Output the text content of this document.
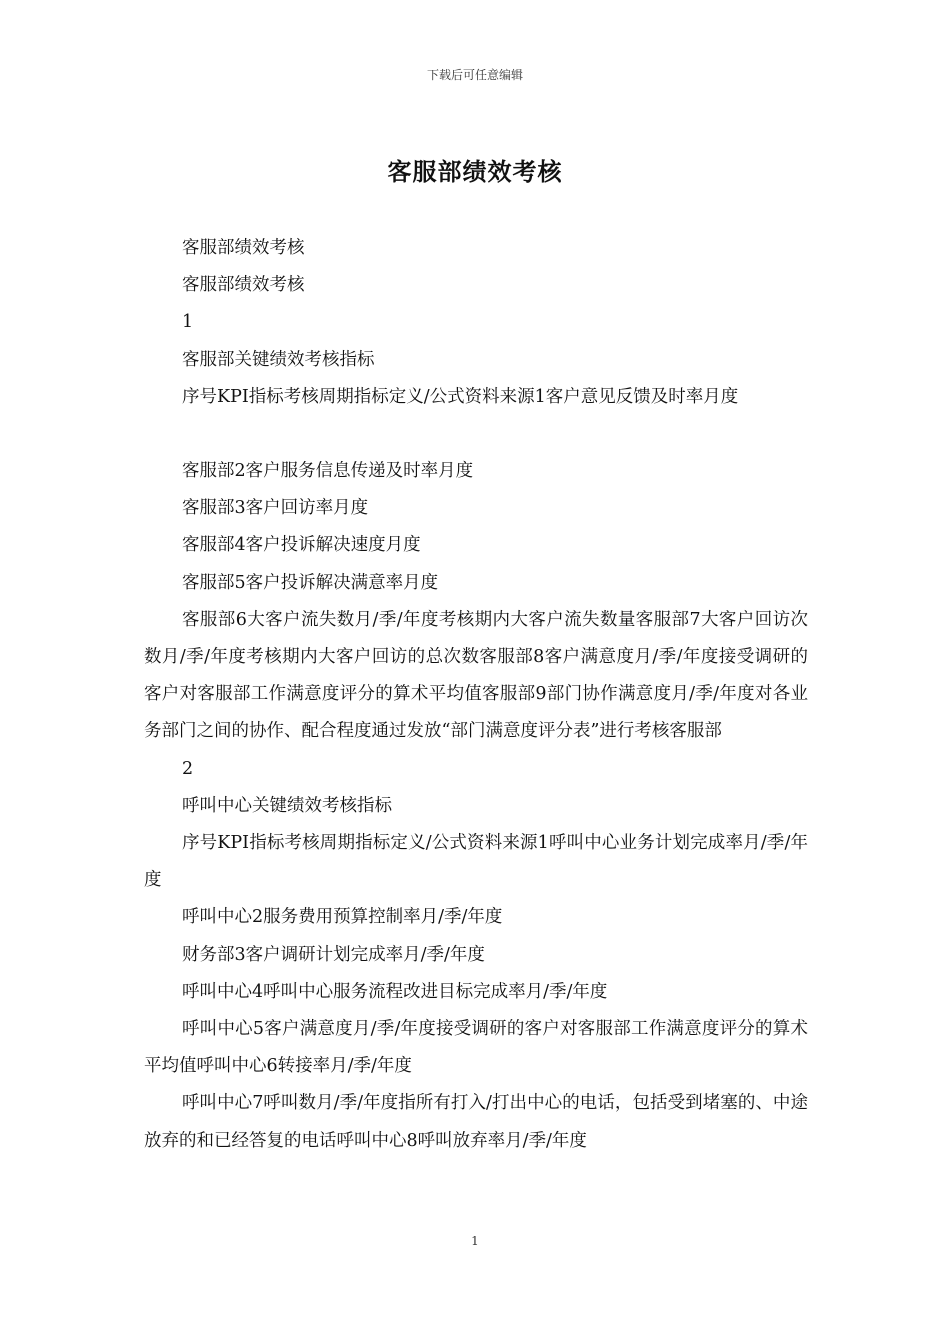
下载后可任意编辑
客服部绩效考核

客服部绩效考核

客服部绩效考核

1

客服部关键绩效考核指标

序号KPI指标考核周期指标定义/公式资料来源1客户意见反馈及时率月度

客服部2客户服务信息传递及时率月度

客服部3客户回访率月度

客服部4客户投诉解决速度月度

客服部5客户投诉解决满意率月度

客服部6大客户流失数月/季/年度考核期内大客户流失数量客服部7大客户回访次数月/季/年度考核期内大客户回访的总次数客服部8客户满意度月/季/年度接受调研的客户对客服部工作满意度评分的算术平均值客服部9部门协作满意度月/季/年度对各业务部门之间的协作、配合程度通过发放“部门满意度评分表”进行考核客服部

2

呼叫中心关键绩效考核指标

序号KPI指标考核周期指标定义/公式资料来源1呼叫中心业务计划完成率月/季/年度

呼叫中心2服务费用预算控制率月/季/年度

财务部3客户调研计划完成率月/季/年度

呼叫中心4呼叫中心服务流程改进目标完成率月/季/年度

呼叫中心5客户满意度月/季/年度接受调研的客户对客服部工作满意度评分的算术平均值呼叫中心6转接率月/季/年度

呼叫中心7呼叫数月/季/年度指所有打入/打出中心的电话，包括受到堵塞的、中途放弃的和已经答复的电话呼叫中心8呼叫放弃率月/季/年度

1
